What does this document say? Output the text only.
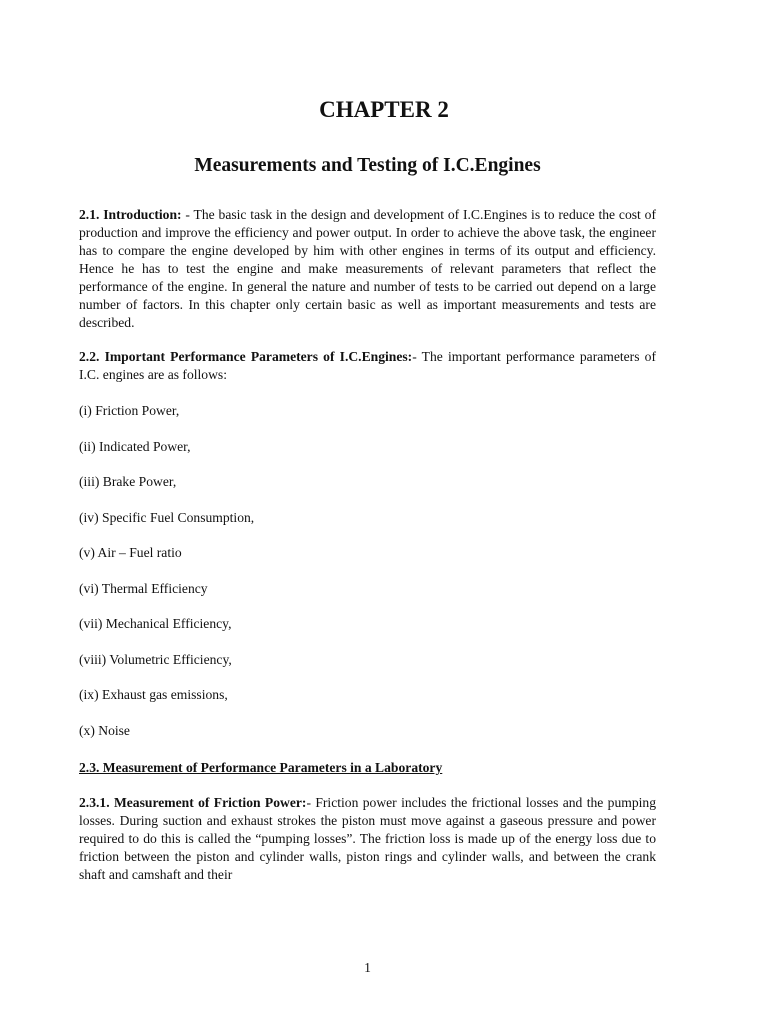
CHAPTER 2
Measurements and Testing of I.C.Engines

2.1. Introduction: - The basic task in the design and development of I.C.Engines is to reduce the cost of production and improve the efficiency and power output. In order to achieve the above task, the engineer has to compare the engine developed by him with other engines in terms of its output and efficiency. Hence he has to test the engine and make measurements of relevant parameters that reflect the performance of the engine. In general the nature and number of tests to be carried out depend on a large number of factors. In this chapter only certain basic as well as important measurements and tests are described.

2.2. Important Performance Parameters of I.C.Engines:- The important performance parameters of I.C. engines are as follows:

(i) Friction Power,
(ii) Indicated Power,
(iii) Brake Power,
(iv) Specific Fuel Consumption,
(v) Air – Fuel ratio
(vi) Thermal Efficiency
(vii) Mechanical Efficiency,
(viii) Volumetric Efficiency,
(ix) Exhaust gas emissions,
(x) Noise
2.3. Measurement of Performance Parameters in a Laboratory

2.3.1. Measurement of Friction Power:- Friction power includes the frictional losses and the pumping losses. During suction and exhaust strokes the piston must move against a gaseous pressure and power required to do this is called the “pumping losses”. The friction loss is made up of the energy loss due to friction between the piston and cylinder walls, piston rings and cylinder walls, and between the crank shaft and camshaft and their

1
